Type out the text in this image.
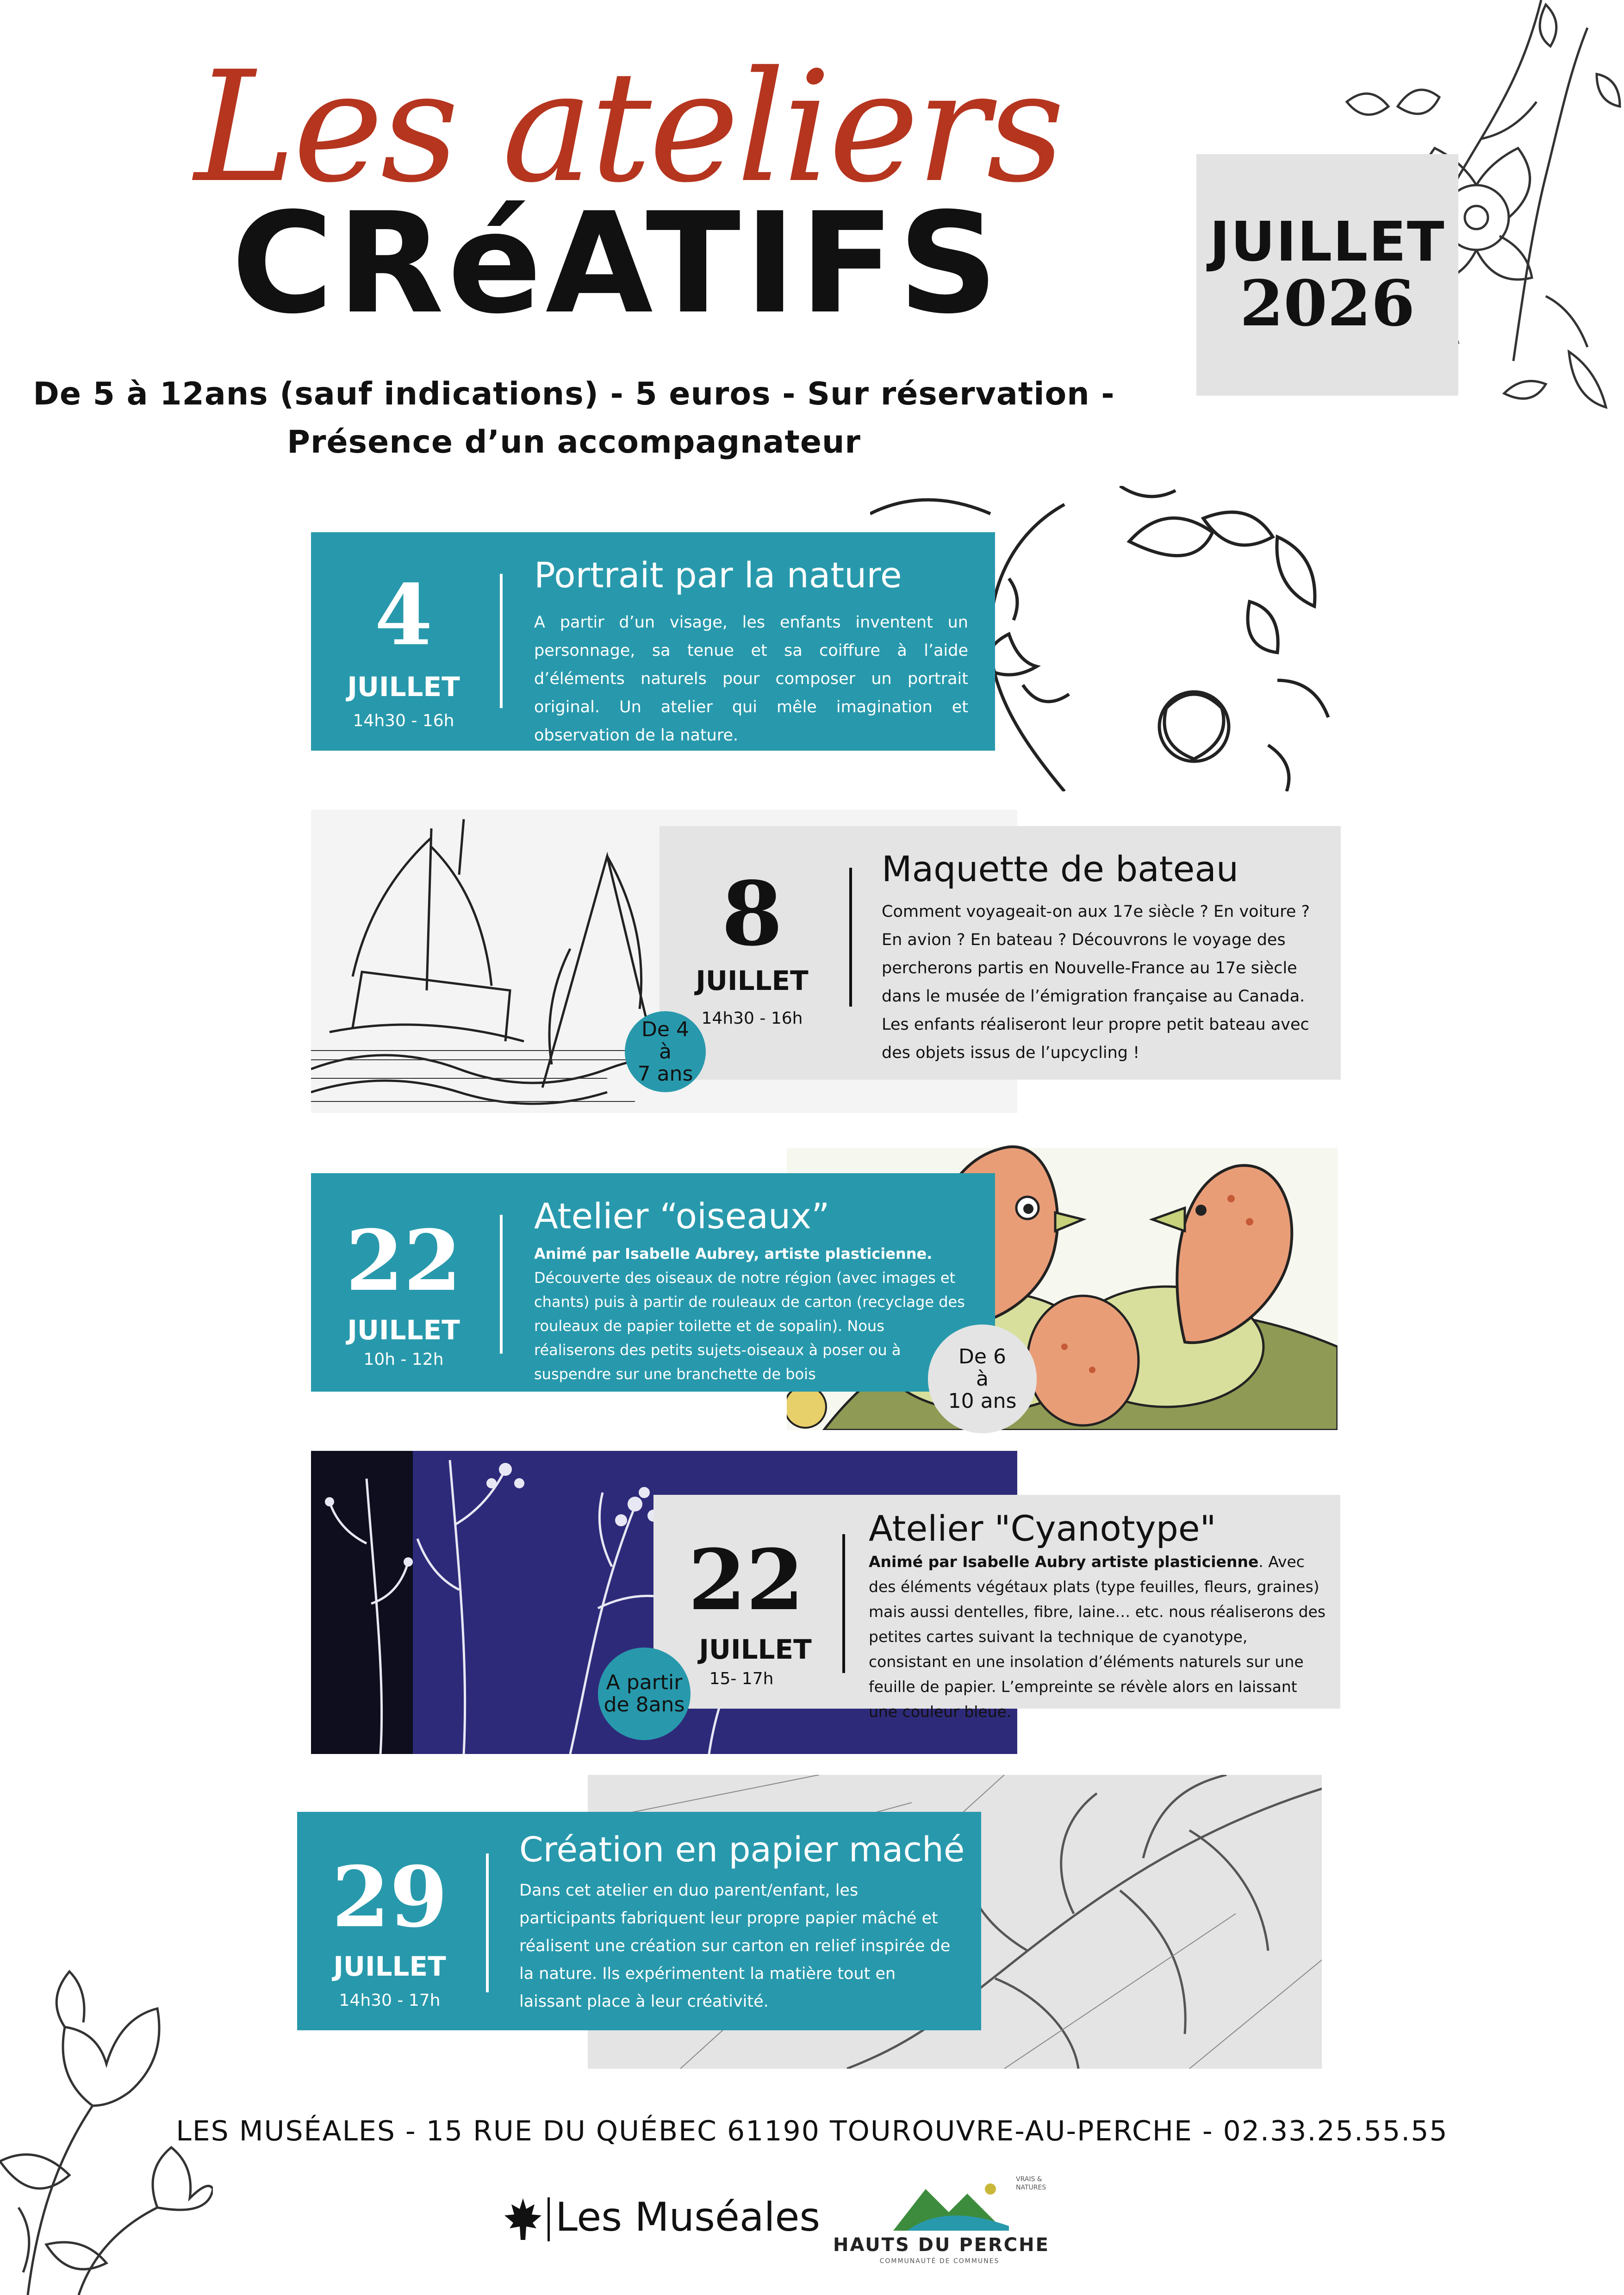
Les ateliers
CRéATIFS	JUILLET
2026
De 5 à 12ans (sauf indications) - 5 euros - Sur réservation -
Présence d’un accompagnateur
4
JUILLET
14h30 - 16h
Portrait par la nature
A partir d’un visage, les enfants inventent un personnage, sa tenue et sa coiffure à l’aide d’éléments naturels pour composer un portrait original. Un atelier qui mêle imagination et observation de la nature.
8
JUILLET
14h30 - 16h
Maquette de bateau
Comment voyageait-on aux 17e siècle ? En voiture ?
En avion ? En bateau ? Découvrons le voyage des
percherons partis en Nouvelle-France au 17e siècle
dans le musée de l’émigration française au Canada.
Les enfants réaliseront leur propre petit bateau avec
des objets issus de l’upcycling !
De 4
à
7 ans
22
JUILLET
10h - 12h
Atelier “oiseaux”
Animé par Isabelle Aubrey, artiste plasticienne.
Découverte des oiseaux de notre région (avec images et chants) puis à partir de rouleaux de carton (recyclage des rouleaux de papier toilette et de sopalin). Nous réaliserons des petits sujets-oiseaux à poser ou à suspendre sur une branchette de bois
De 6
à
10 ans
22
JUILLET
15- 17h
Atelier "Cyanotype"
Animé par Isabelle Aubry artiste plasticienne. Avec des éléments végétaux plats (type feuilles, fleurs, graines) mais aussi dentelles, fibre, laine… etc. nous réaliserons des petites cartes suivant la technique de cyanotype, consistant en une insolation d’éléments naturels sur une feuille de papier. L’empreinte se révèle alors en laissant une couleur bleue.
A partir
de 8ans
29
JUILLET
14h30 - 17h
Création en papier maché
Dans cet atelier en duo parent/enfant, les participants fabriquent leur propre papier mâché et réalisent une création sur carton en relief inspirée de la nature. Ils expérimentent la matière tout en laissant place à leur créativité.
LES MUSÉALES - 15 RUE DU QUÉBEC 61190 TOUROUVRE-AU-PERCHE - 02.33.25.55.55
Les Muséales
VRAIS & NATURES
HAUTS DU PERCHE
COMMUNAUTÉ DE COMMUNES
